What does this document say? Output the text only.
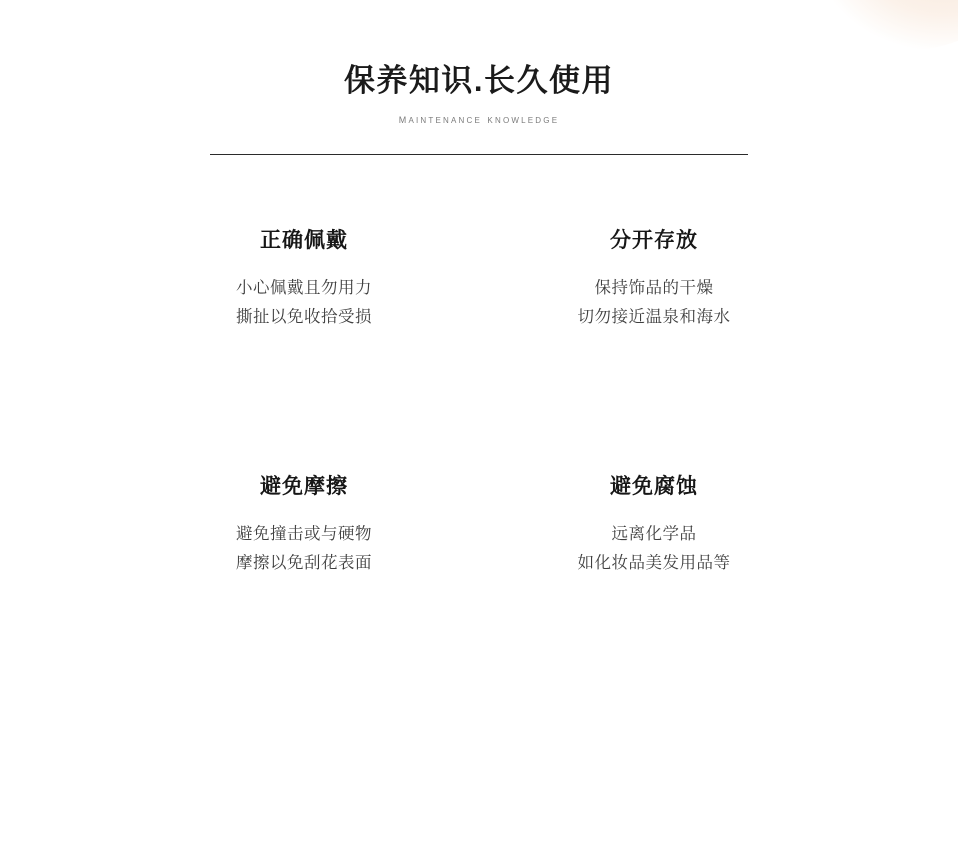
保养知识.长久使用
maintenance knowledge
正确佩戴
小心佩戴且勿用力
撕扯以免收拾受损
分开存放
保持饰品的干燥
切勿接近温泉和海水
避免摩擦
避免撞击或与硬物
摩擦以免刮花表面
避免腐蚀
远离化学品
如化妆品美发用品等
